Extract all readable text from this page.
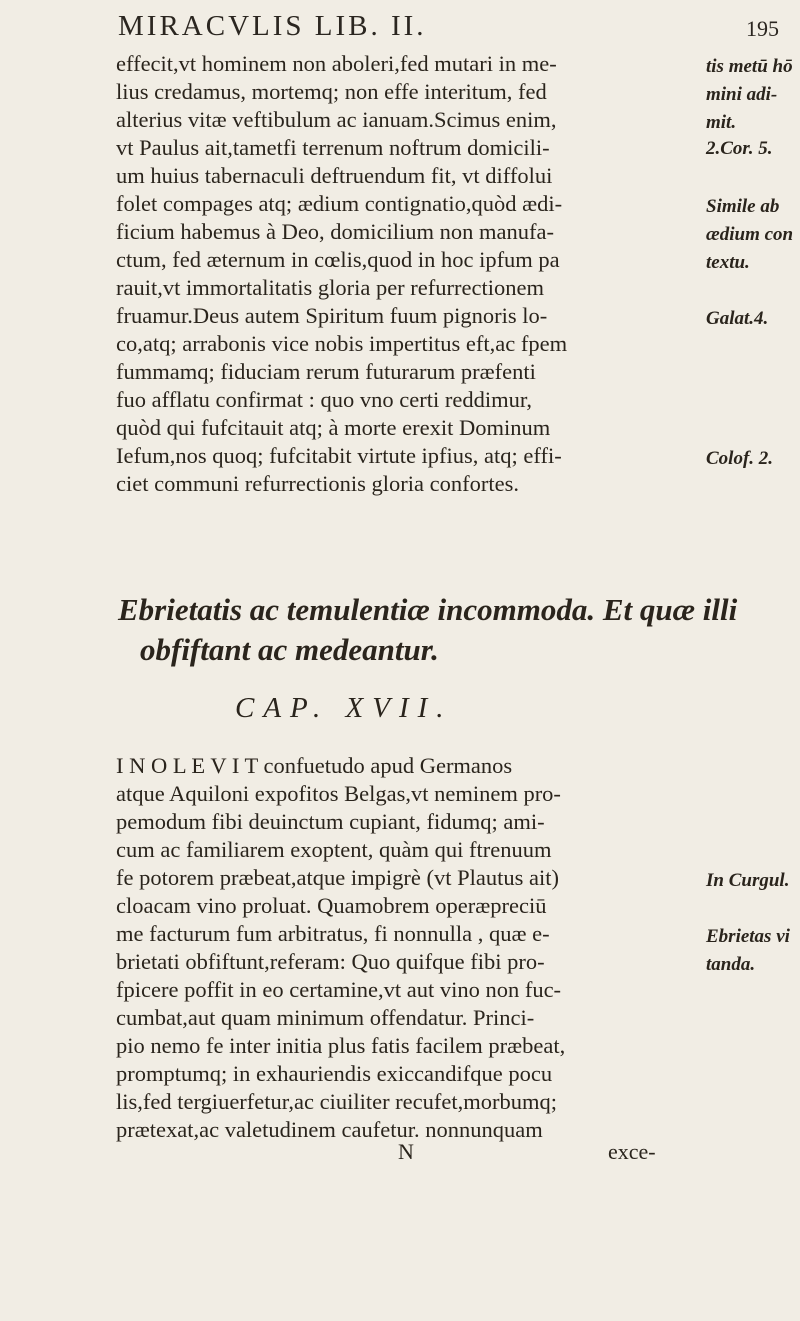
MIRACVLIS LIB. II.	195
effecit,vt hominem non aboleri,fed mutari in me-
lius credamus, mortemq; non effe interitum, fed
alterius vitæ veftibulum ac ianuam.Scimus enim,
vt Paulus ait,tametfi terrenum noftrum domicili-
um huius tabernaculi deftruendum fit, vt diffolui
folet compages atq; ædium contignatio,quòd ædi-
ficium habemus à Deo, domicilium non manufa-
ctum, fed æternum in cœlis,quod in hoc ipfum pa
rauit,vt immortalitatis gloria per refurrectionem
fruamur.Deus autem Spiritum fuum pignoris lo-
co,atq; arrabonis vice nobis impertitus eft,ac fpem
fummamq; fiduciam rerum futurarum præfenti
fuo afflatu confirmat : quo vno certi reddimur,
quòd qui fufcitauit atq; à morte erexit Dominum
Iefum,nos quoq; fufcitabit virtute ipfius, atq; effi-
ciet communi refurrectionis gloria confortes.
tis metū hō
mini adi-
mit.
2.Cor. 5.
Simile ab
ædium con
textu.
Galat.4.
Colof. 2.
Ebrietatis ac temulentiæ incommoda. Et quæ illi
obfiftant ac medeantur.
CAP. XVII.
I N O L E V I T confuetudo apud Germanos
atque Aquiloni expofitos Belgas,vt neminem pro-
pemodum fibi deuinctum cupiant, fidumq; ami-
cum ac familiarem exoptent, quàm qui ftrenuum
fe potorem præbeat,atque impigrè (vt Plautus ait)
cloacam vino proluat. Quamobrem operæpreciū
me facturum fum arbitratus, fi nonnulla , quæ e-
brietati obfiftunt,referam: Quo quifque fibi pro-
fpicere poffit in eo certamine,vt aut vino non fuc-
cumbat,aut quam minimum offendatur. Princi-
pio nemo fe inter initia plus fatis facilem præbeat,
promptumq; in exhauriendis exiccandifque pocu
lis,fed tergiuerfetur,ac ciuiliter recufet,morbumq;
prætexat,ac valetudinem caufetur. nonnunquam
In Curgul.
Ebrietas vi
tanda.
N	exce-
